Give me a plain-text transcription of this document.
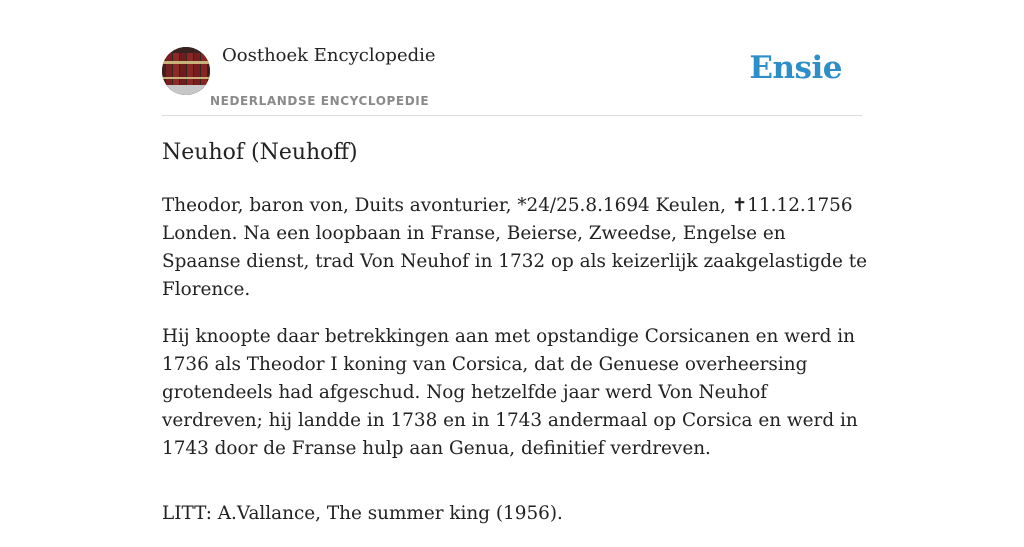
Oosthoek Encyclopedie
NEDERLANDSE ENCYCLOPEDIE
Ensie
Neuhof (Neuhoff)

Theodor, baron von, Duits avonturier, *24/25.8.1694 Keulen, ✝11.12.1756 Londen. Na een loopbaan in Franse, Beierse, Zweedse, Engelse en Spaanse dienst, trad Von Neuhof in 1732 op als keizerlijk zaakgelastigde te Florence.

Hij knoopte daar betrekkingen aan met opstandige Corsicanen en werd in 1736 als Theodor I koning van Corsica, dat de Genuese overheersing grotendeels had afgeschud. Nog hetzelfde jaar werd Von Neuhof verdreven; hij landde in 1738 en in 1743 andermaal op Corsica en werd in 1743 door de Franse hulp aan Genua, definitief verdreven.

LITT: A.Vallance, The summer king (1956).
